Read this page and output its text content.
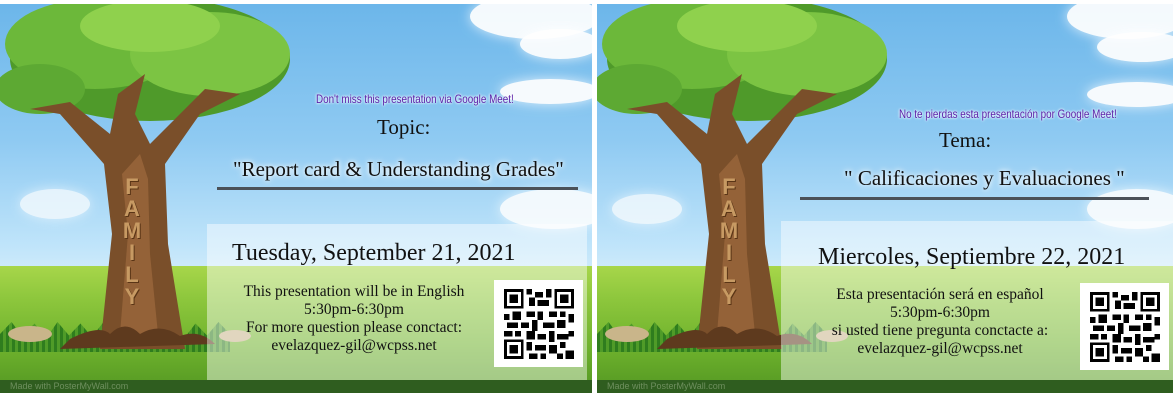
F
A
M
I
L
Y
Don't miss this presentation via Google Meet!
Topic:
"Report card & Understanding Grades"
Tuesday, September 21, 2021
This presentation will be in English
5:30pm-6:30pm
For more question please conctact:
evelazquez-gil@wcpss.net
Made with PosterMyWall.com
F
A
M
I
L
Y
No te pierdas esta presentación por Google Meet!
Tema:
" Calificaciones y Evaluaciones "
Miercoles, Septiembre 22, 2021
Esta presentación será en español
5:30pm-6:30pm
si usted tiene pregunta conctacte a:
evelazquez-gil@wcpss.net
Made with PosterMyWall.com
